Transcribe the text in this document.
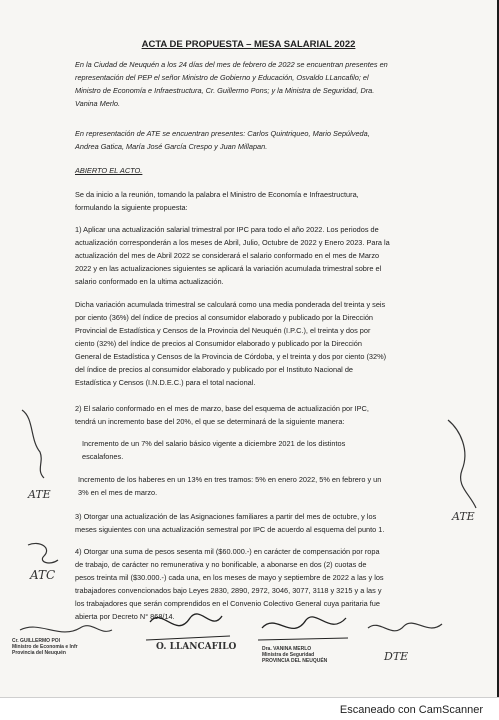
ACTA DE PROPUESTA – MESA SALARIAL 2022
En la Ciudad de Neuquén a los 24 días del mes de febrero de 2022 se encuentran presentes en
representación del PEP el señor Ministro de Gobierno y Educación, Osvaldo LLancafilo; el
Ministro de Economía e Infraestructura, Cr. Guillermo Pons; y la Ministra de Seguridad, Dra.
Vanina Merlo.
En representación de ATE se encuentran presentes: Carlos Quintriqueo, Mario Sepúlveda,
Andrea Gatica, María José García Crespo y Juan Millapan.
ABIERTO EL ACTO.
Se da inicio a la reunión, tomando la palabra el Ministro de Economía e Infraestructura,
formulando la siguiente propuesta:
1) Aplicar una actualización salarial trimestral por IPC para todo el año 2022. Los periodos de
actualización corresponderán a los meses de Abril, Julio, Octubre de 2022 y Enero 2023. Para la
actualización del mes de Abril 2022 se considerará el salario conformado en el mes de Marzo
2022 y en las actualizaciones siguientes se aplicará la variación acumulada trimestral sobre el
salario conformado en la ultima actualización.
Dicha variación acumulada trimestral se calculará como una media ponderada del treinta y seis
por ciento (36%) del índice de precios al consumidor elaborado y publicado por la Dirección
Provincial de Estadística y Censos de la Provincia del Neuquén (I.P.C.), el treinta y dos por
ciento (32%) del índice de precios al Consumidor elaborado y publicado por la Dirección
General de Estadística y Censos de la Provincia de Córdoba, y el treinta y dos por ciento (32%)
del índice de precios al consumidor elaborado y publicado por el Instituto Nacional de
Estadística y Censos (I.N.D.E.C.) para el total nacional.
2) El salario conformado en el mes de marzo, base del esquema de actualización por IPC,
tendrá un incremento base del 20%, el que se determinará de la siguiente manera:
Incremento de un 7% del salario básico vigente a diciembre 2021 de los distintos
escalafones.
Incremento de los haberes en un 13% en tres tramos: 5% en enero 2022, 5% en febrero y un
3% en el mes de marzo.
3) Otorgar una actualización de las Asignaciones familiares a partir del mes de octubre, y los
meses siguientes con una actualización semestral por IPC de acuerdo al esquema del punto 1.
4) Otorgar una suma de pesos sesenta mil ($60.000.-) en carácter de compensación por ropa
de trabajo, de carácter no remunerativa y no bonificable, a abonarse en dos (2) cuotas de
pesos treinta mil ($30.000.-) cada una, en los meses de mayo y septiembre de 2022 a las y los
trabajadores convencionados bajo Leyes 2830, 2890, 2972, 3046, 3077, 3118 y 3215 y a las y
los trabajadores que serán comprendidos en el Convenio Colectivo General cuya paritaria fue
abierta por Decreto N° 868/14.
ATE
ATC
ATE
Cr. GUILLERMO POI
Ministro de Economía e Infr
Provincia del Neuquén
O. LLANCAFILO	Dra. VANINA MERLO
Ministra de Seguridad
PROVINCIA DEL NEUQUÉN	DTE
Escaneado con CamScanner
